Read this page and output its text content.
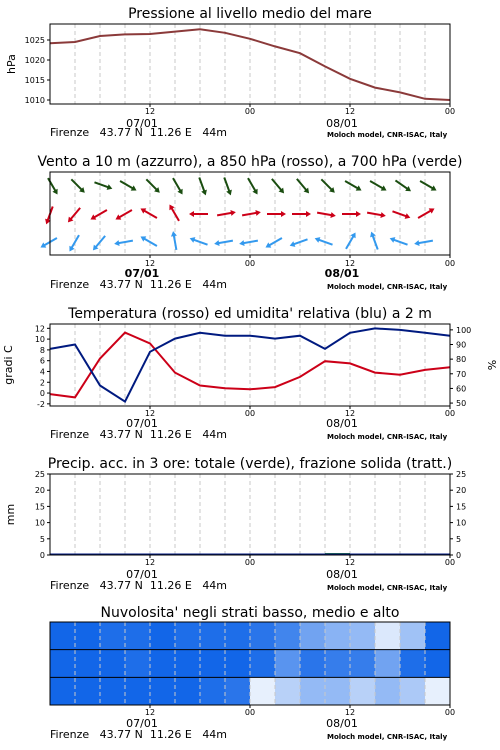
Pressione al livello medio del mare
1025
1020
1015
1010
hPa
12	00	12	00
07/01	08/01
Firenze 43.77 N 11.26 E 44m	Moloch model, CNR-ISAC, Italy
Vento a 10 m (azzurro), a 850 hPa (rosso), a 700 hPa (verde)
12	00	12	00
07/01	08/01
Firenze 43.77 N 11.26 E 44m	Moloch model, CNR-ISAC, Italy
Temperatura (rosso) ed umidita' relativa (blu) a 2 m
12
10
8
6
4
2
0
-2
100
90
80
70
60
50
gradi C	%
12	00	12	00
07/01	08/01
Firenze 43.77 N 11.26 E 44m	Moloch model, CNR-ISAC, Italy
Precip. acc. in 3 ore: totale (verde), frazione solida (tratt.)
25	25
20	20
15	15
10	10
5	5
0	0
mm
12	00	12	00
07/01	08/01
Firenze 43.77 N 11.26 E 44m	Moloch model, CNR-ISAC, Italy
Nuvolosita' negli strati basso, medio e alto
12	00	12	00
07/01	08/01
Firenze 43.77 N 11.26 E 44m	Moloch model, CNR-ISAC, Italy
